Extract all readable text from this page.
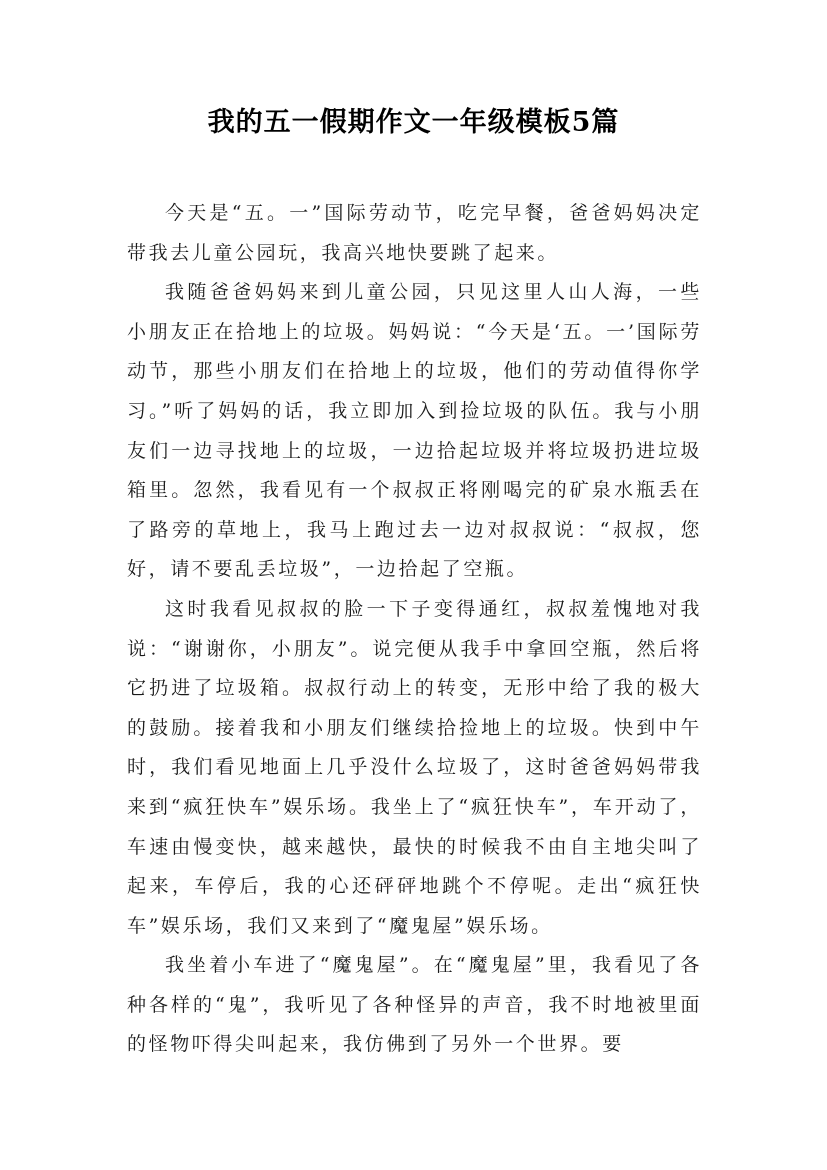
我的五一假期作文一年级模板5篇

今天是“五。一”国际劳动节，吃完早餐，爸爸妈妈决定带我去儿童公园玩，我高兴地快要跳了起来。

我随爸爸妈妈来到儿童公园，只见这里人山人海，一些小朋友正在拾地上的垃圾。妈妈说：“今天是‘五。一’国际劳动节，那些小朋友们在拾地上的垃圾，他们的劳动值得你学习。”听了妈妈的话，我立即加入到捡垃圾的队伍。我与小朋友们一边寻找地上的垃圾，一边拾起垃圾并将垃圾扔进垃圾箱里。忽然，我看见有一个叔叔正将刚喝完的矿泉水瓶丢在了路旁的草地上，我马上跑过去一边对叔叔说：“叔叔，您好，请不要乱丢垃圾”，一边拾起了空瓶。

这时我看见叔叔的脸一下子变得通红，叔叔羞愧地对我说：“谢谢你，小朋友”。说完便从我手中拿回空瓶，然后将它扔进了垃圾箱。叔叔行动上的转变，无形中给了我的极大的鼓励。接着我和小朋友们继续拾捡地上的垃圾。快到中午时，我们看见地面上几乎没什么垃圾了，这时爸爸妈妈带我来到“疯狂快车”娱乐场。我坐上了“疯狂快车”，车开动了，车速由慢变快，越来越快，最快的时候我不由自主地尖叫了起来，车停后，我的心还砰砰地跳个不停呢。走出“疯狂快车”娱乐场，我们又来到了“魔鬼屋”娱乐场。

我坐着小车进了“魔鬼屋”。在“魔鬼屋”里，我看见了各种各样的“鬼”，我听见了各种怪异的声音，我不时地被里面的怪物吓得尖叫起来，我仿佛到了另外一个世界。要
